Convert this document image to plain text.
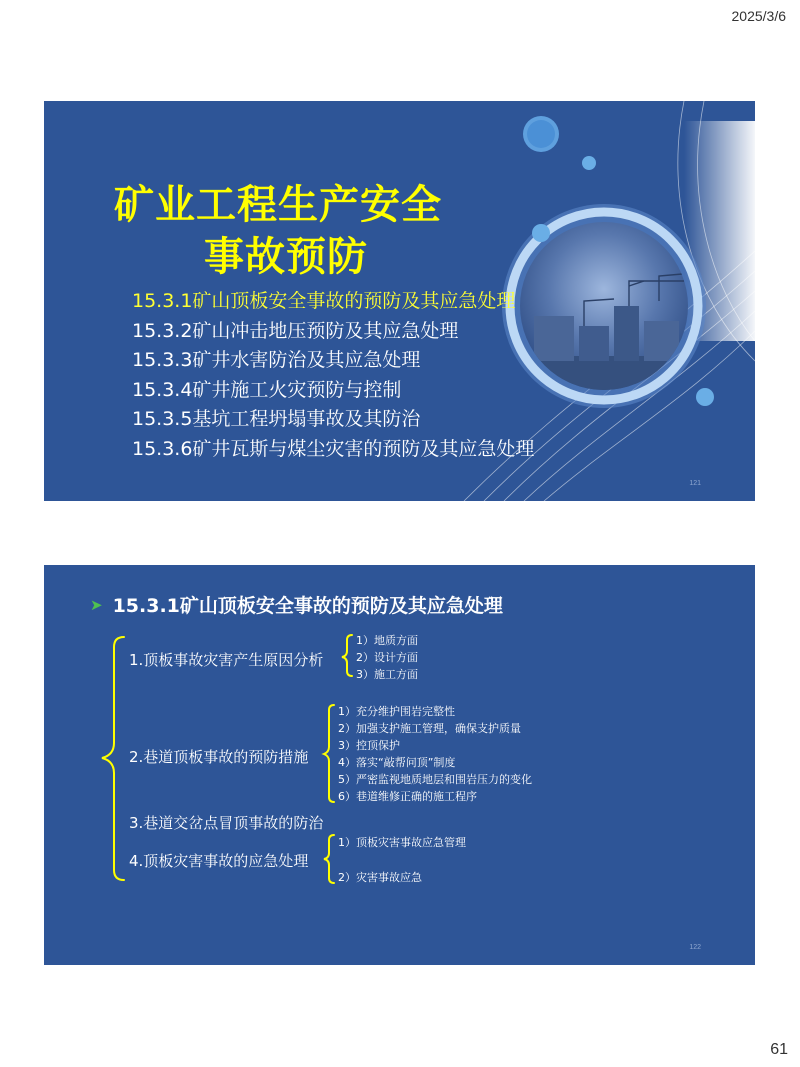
2025/3/6
矿业工程生产安全
事故预防
15.3.1矿山顶板安全事故的预防及其应急处理
15.3.2矿山冲击地压预防及其应急处理
15.3.3矿井水害防治及其应急处理
15.3.4矿井施工火灾预防与控制
15.3.5基坑工程坍塌事故及其防治
15.3.6矿井瓦斯与煤尘灾害的预防及其应急处理
121
➤ 15.3.1矿山顶板安全事故的预防及其应急处理
1.顶板事故灾害产生原因分析
1）地质方面
2）设计方面
3）施工方面
2.巷道顶板事故的预防措施
1）充分维护围岩完整性
2）加强支护施工管理，确保支护质量
3）控顶保护
4）落实“敲帮问顶”制度
5）严密监视地质地层和围岩压力的变化
6）巷道维修正确的施工程序
3.巷道交岔点冒顶事故的防治
4.顶板灾害事故的应急处理
1）顶板灾害事故应急管理
2）灾害事故应急
122
61
